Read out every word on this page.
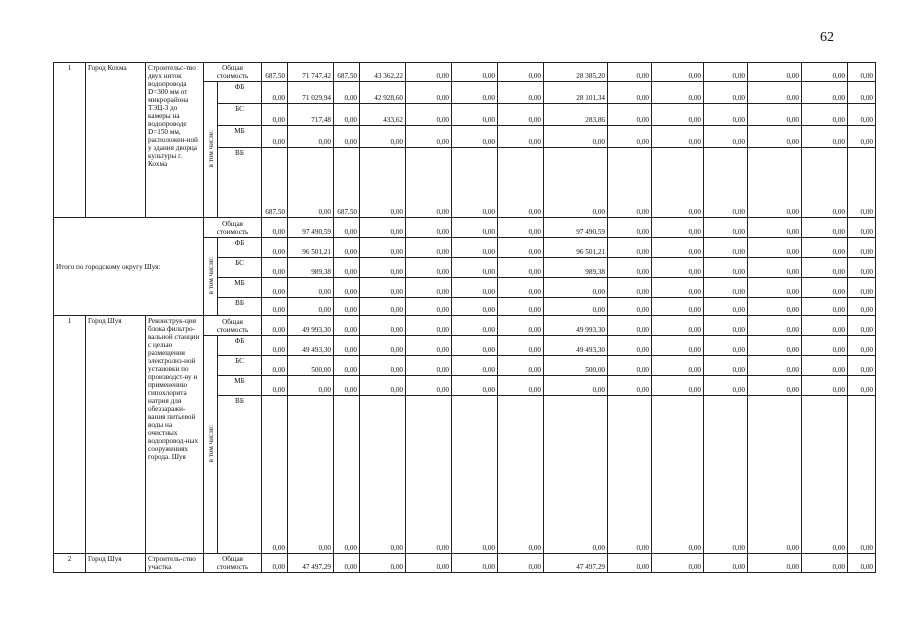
62
1	Город Кохма	Строительс-тво двух ниток водопровода D=300 мм от микрорайона ТЭЦ-3 до камеры на водопроводе D=150 мм, расположен-ной у здания дворца культуры г. Кохма	Общая стоимость		687,50	71 747,42	687,50	43 362,22	0,00	0,00	0,00	28 385,20	0,00	0,00	0,00	0,00	0,00	0,00
			в том числе:	ФБ	0,00	71 029,94	0,00	42 928,60	0,00	0,00	0,00	28 101,34	0,00	0,00	0,00	0,00	0,00	0,00
				БС	0,00	717,48	0,00	433,62	0,00	0,00	0,00	283,86	0,00	0,00	0,00	0,00	0,00	0,00
				МБ	0,00	0,00	0,00	0,00	0,00	0,00	0,00	0,00	0,00	0,00	0,00	0,00	0,00	0,00
				ВБ	687,50	0,00	687,50	0,00	0,00	0,00	0,00	0,00	0,00	0,00	0,00	0,00	0,00	0,00
Итого по городскому округу Шуя:			Общая стоимость		0,00	97 490,59	0,00	0,00	0,00	0,00	0,00	97 490,59	0,00	0,00	0,00	0,00	0,00	0,00
			в том числе:	ФБ	0,00	96 501,21	0,00	0,00	0,00	0,00	0,00	96 501,21	0,00	0,00	0,00	0,00	0,00	0,00
				БС	0,00	989,38	0,00	0,00	0,00	0,00	0,00	989,38	0,00	0,00	0,00	0,00	0,00	0,00
				МБ	0,00	0,00	0,00	0,00	0,00	0,00	0,00	0,00	0,00	0,00	0,00	0,00	0,00	0,00
				ВБ	0,00	0,00	0,00	0,00	0,00	0,00	0,00	0,00	0,00	0,00	0,00	0,00	0,00	0,00
1	Город Шуя	Реконструк-ция блока фильтро-вальной станции с целью размещения электролиз-ной установки по производст-ву и применению гипохлорита натрия для обеззаражи-вания питьевой воды на очистных водопровод-ных сооружениях города. Шуя	Общая стоимость		0,00	49 993,30	0,00	0,00	0,00	0,00	0,00	49 993,30	0,00	0,00	0,00	0,00	0,00	0,00
			в том числе:	ФБ	0,00	49 493,30	0,00	0,00	0,00	0,00	0,00	49 493,30	0,00	0,00	0,00	0,00	0,00	0,00
				БС	0,00	500,00	0,00	0,00	0,00	0,00	0,00	500,00	0,00	0,00	0,00	0,00	0,00	0,00
				МБ	0,00	0,00	0,00	0,00	0,00	0,00	0,00	0,00	0,00	0,00	0,00	0,00	0,00	0,00
				ВБ	0,00	0,00	0,00	0,00	0,00	0,00	0,00	0,00	0,00	0,00	0,00	0,00	0,00	0,00
2	Город Шуя	Строитель-ство участка	Общая стоимость		0,00	47 497,29	0,00	0,00	0,00	0,00	0,00	47 497,29	0,00	0,00	0,00	0,00	0,00	0,00
